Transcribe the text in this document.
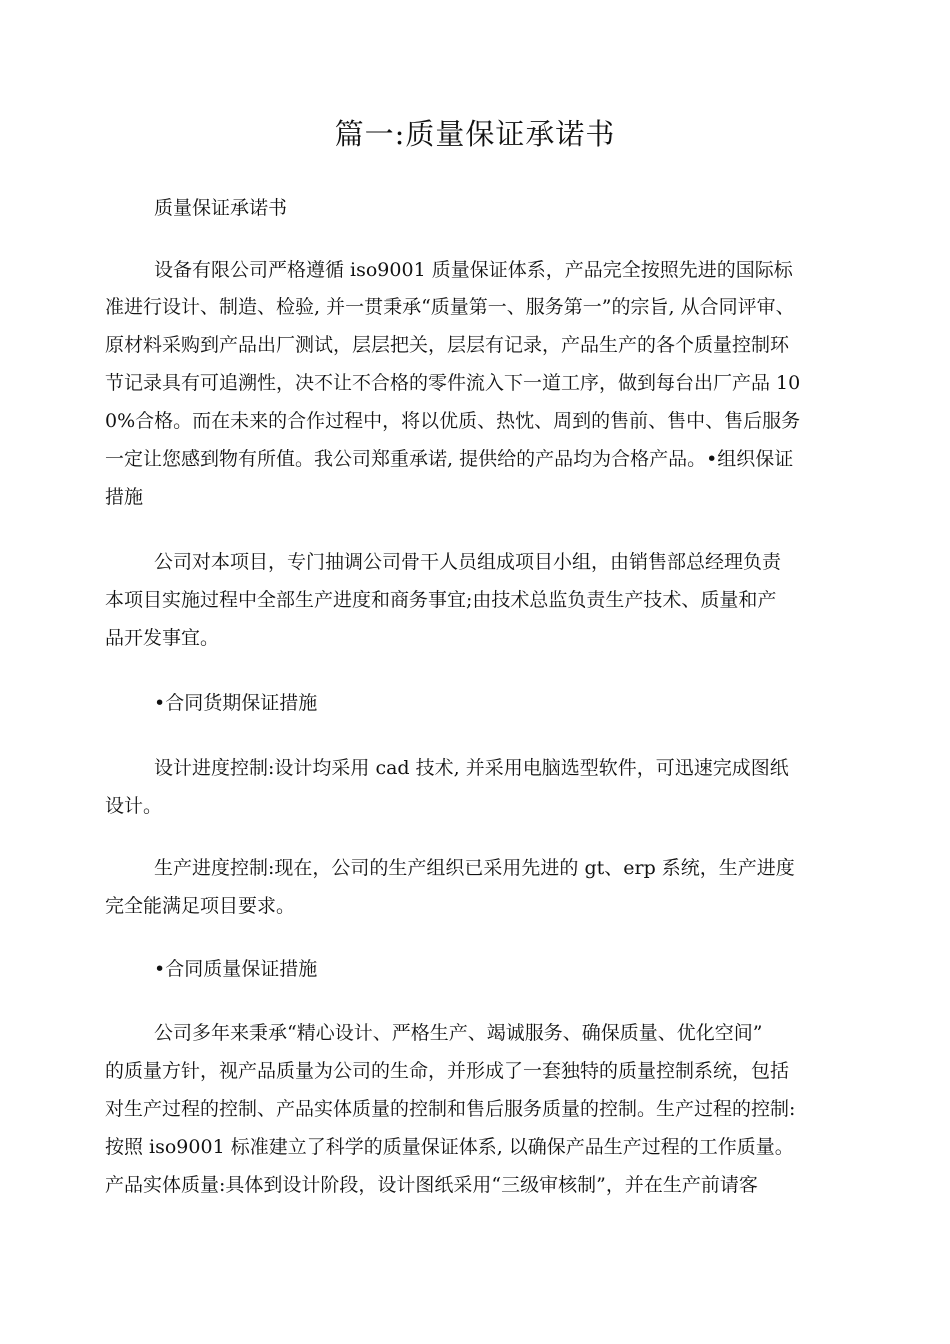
篇一:质量保证承诺书

质量保证承诺书

设备有限公司严格遵循 iso9001 质量保证体系，产品完全按照先进的国际标

准进行设计、制造、检验, 并一贯秉承“质量第一、服务第一”的宗旨, 从合同评审、

原材料采购到产品出厂测试，层层把关，层层有记录，产品生产的各个质量控制环

节记录具有可追溯性，决不让不合格的零件流入下一道工序，做到每台出厂产品 10

0%合格。而在未来的合作过程中，将以优质、热忱、周到的售前、售中、售后服务

一定让您感到物有所值。我公司郑重承诺, 提供给的产品均为合格产品。•组织保证

措施

公司对本项目，专门抽调公司骨干人员组成项目小组，由销售部总经理负责

本项目实施过程中全部生产进度和商务事宜;由技术总监负责生产技术、质量和产

品开发事宜。

•合同货期保证措施

设计进度控制:设计均采用 cad 技术, 并采用电脑选型软件，可迅速完成图纸

设计。

生产进度控制:现在，公司的生产组织已采用先进的 gt、erp 系统，生产进度

完全能满足项目要求。

•合同质量保证措施

公司多年来秉承“精心设计、严格生产、竭诚服务、确保质量、优化空间”

的质量方针，视产品质量为公司的生命，并形成了一套独特的质量控制系统，包括

对生产过程的控制、产品实体质量的控制和售后服务质量的控制。生产过程的控制:

按照 iso9001 标准建立了科学的质量保证体系, 以确保产品生产过程的工作质量。

产品实体质量:具体到设计阶段，设计图纸采用“三级审核制”，并在生产前请客
